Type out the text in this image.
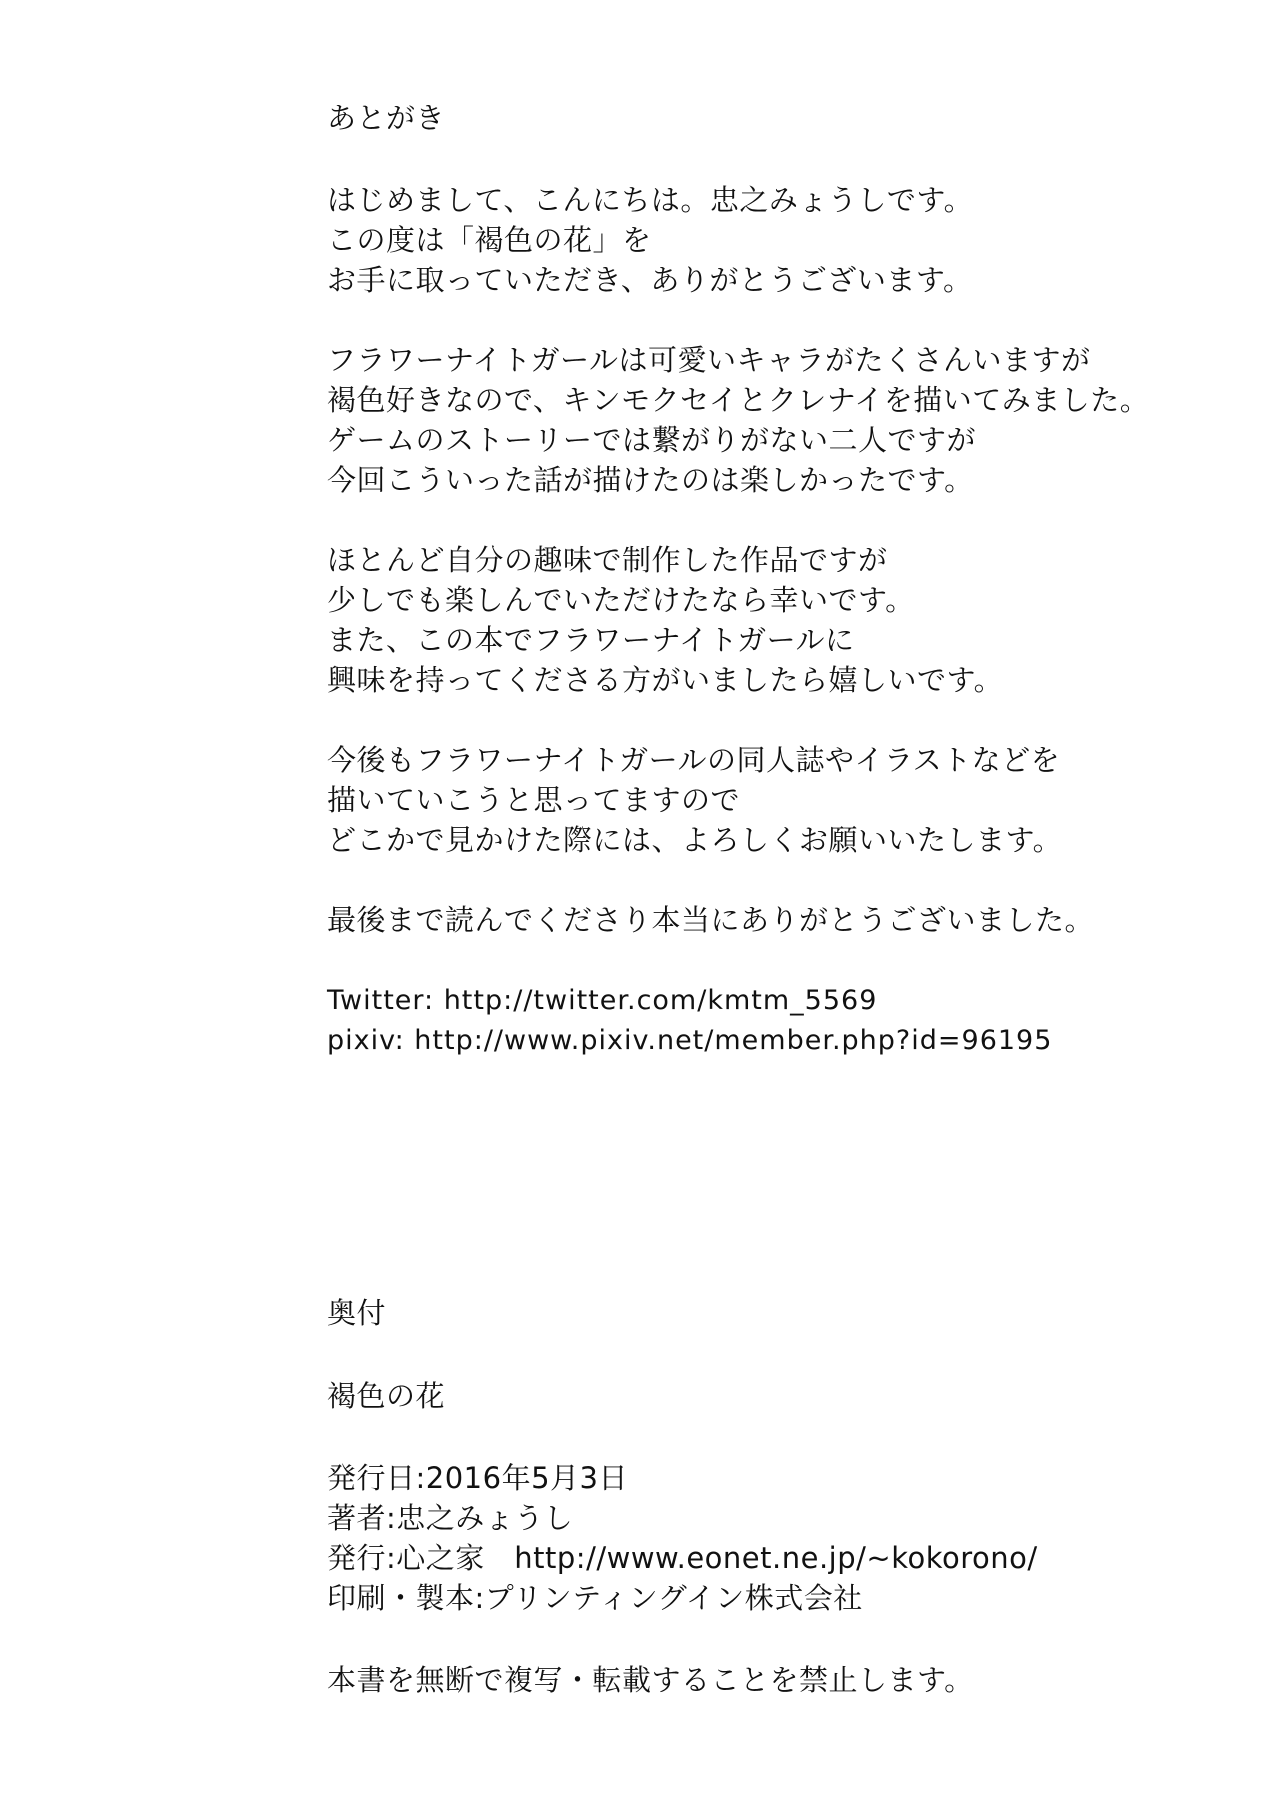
あとがき
はじめまして、こんにちは。忠之みょうしです。
この度は「褐色の花」を
お手に取っていただき、ありがとうございます。
フラワーナイトガールは可愛いキャラがたくさんいますが
褐色好きなので、キンモクセイとクレナイを描いてみました。
ゲームのストーリーでは繋がりがない二人ですが
今回こういった話が描けたのは楽しかったです。
ほとんど自分の趣味で制作した作品ですが
少しでも楽しんでいただけたなら幸いです。
また、この本でフラワーナイトガールに
興味を持ってくださる方がいましたら嬉しいです。
今後もフラワーナイトガールの同人誌やイラストなどを
描いていこうと思ってますので
どこかで見かけた際には、よろしくお願いいたします。
最後まで読んでくださり本当にありがとうございました。
Twitter: http://twitter.com/kmtm_5569
pixiv: http://www.pixiv.net/member.php?id=96195
奥付
褐色の花
発行日:2016年5月3日
著者:忠之みょうし
発行:心之家　http://www.eonet.ne.jp/~kokorono/
印刷・製本:プリンティングイン株式会社
本書を無断で複写・転載することを禁止します。
